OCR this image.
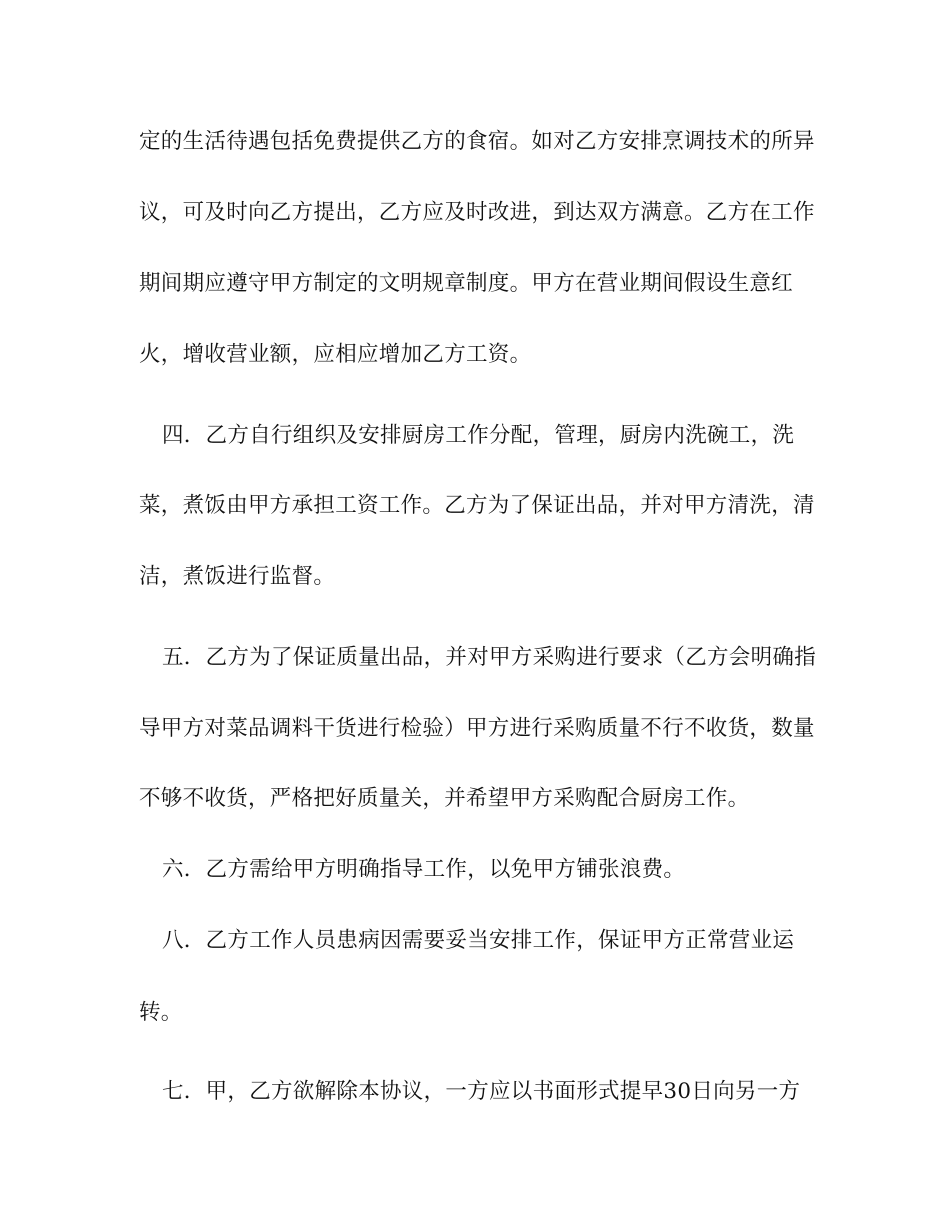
定的生活待遇包括免费提供乙方的食宿。如对乙方安排烹调技术的所异
议，可及时向乙方提出，乙方应及时改进，到达双方满意。乙方在工作
期间期应遵守甲方制定的文明规章制度。甲方在营业期间假设生意红
火，增收营业额，应相应增加乙方工资。
四．乙方自行组织及安排厨房工作分配，管理，厨房内洗碗工，洗
菜，煮饭由甲方承担工资工作。乙方为了保证出品，并对甲方清洗，清
洁，煮饭进行监督。
五．乙方为了保证质量出品，并对甲方采购进行要求（乙方会明确指
导甲方对菜品调料干货进行检验）甲方进行采购质量不行不收货，数量
不够不收货，严格把好质量关，并希望甲方采购配合厨房工作。
六．乙方需给甲方明确指导工作，以免甲方铺张浪费。
八．乙方工作人员患病因需要妥当安排工作，保证甲方正常营业运
转。
七．甲，乙方欲解除本协议，一方应以书面形式提早30日向另一方
